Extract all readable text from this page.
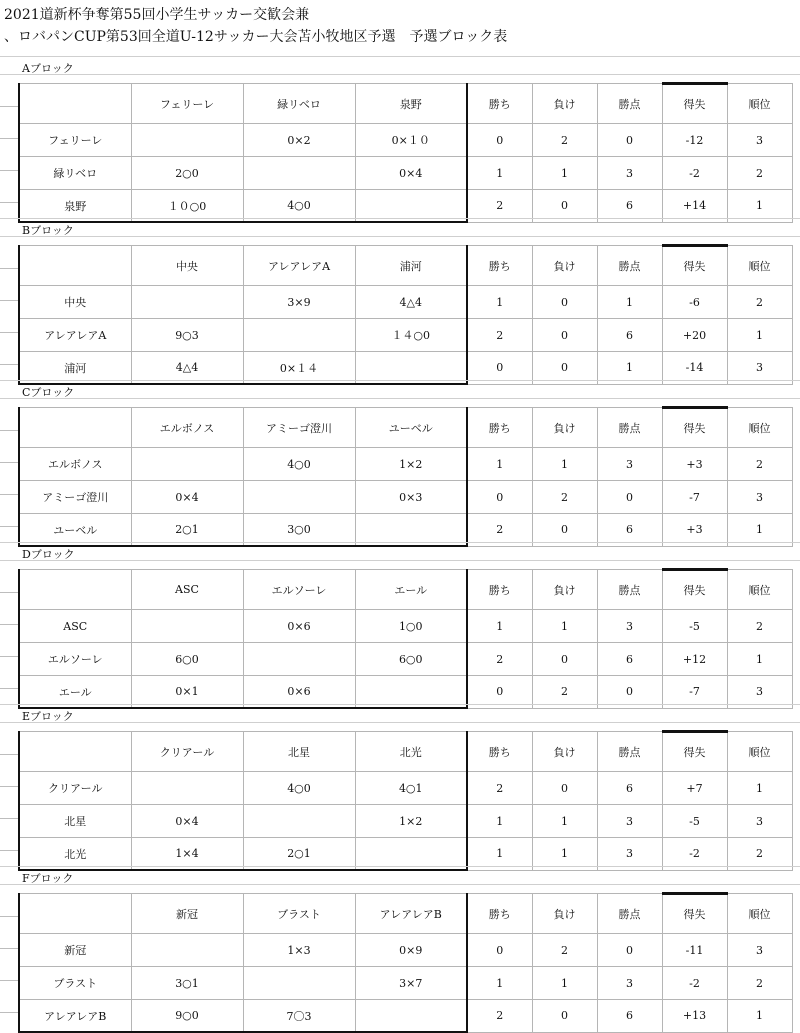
2021道新杯争奪第55回小学生サッカー交歓会兼
、ロバパンCUP第53回全道U-12サッカー大会苫小牧地区予選　予選ブロック表
Aブロック
	フェリーレ	緑リベロ	泉野	勝ち	負け	勝点	得失	順位
フェリーレ		0×2	0×１０	0	2	0	-12	3
緑リベロ	2○0		0×4	1	1	3	-2	2
泉野	１０○0	4○0		2	0	6	+14	1
Bブロック
	中央	アレアレアA	浦河	勝ち	負け	勝点	得失	順位
中央		3×9	4△4	1	0	1	-6	2
アレアレアA	9○3		１４○0	2	0	6	+20	1
浦河	4△4	0×１４		0	0	1	-14	3
Cブロック
	エルボノス	アミーゴ澄川	ユーベル	勝ち	負け	勝点	得失	順位
エルボノス		4○0	1×2	1	1	3	+3	2
アミーゴ澄川	0×4		0×3	0	2	0	-7	3
ユーベル	2○1	3○0		2	0	6	+3	1
Dブロック
	ASC	エルソーレ	エール	勝ち	負け	勝点	得失	順位
ASC		0×6	1○0	1	1	3	-5	2
エルソーレ	6○0		6○0	2	0	6	+12	1
エール	0×1	0×6		0	2	0	-7	3
Eブロック
	クリアール	北星	北光	勝ち	負け	勝点	得失	順位
クリアール		4○0	4○1	2	0	6	+7	1
北星	0×4		1×2	1	1	3	-5	3
北光	1×4	2○1		1	1	3	-2	2
Fブロック
	新冠	ブラスト	アレアレアB	勝ち	負け	勝点	得失	順位
新冠		1×3	0×9	0	2	0	-11	3
ブラスト	3○1		3×7	1	1	3	-2	2
アレアレアB	9○0	7〇3		2	0	6	+13	1
